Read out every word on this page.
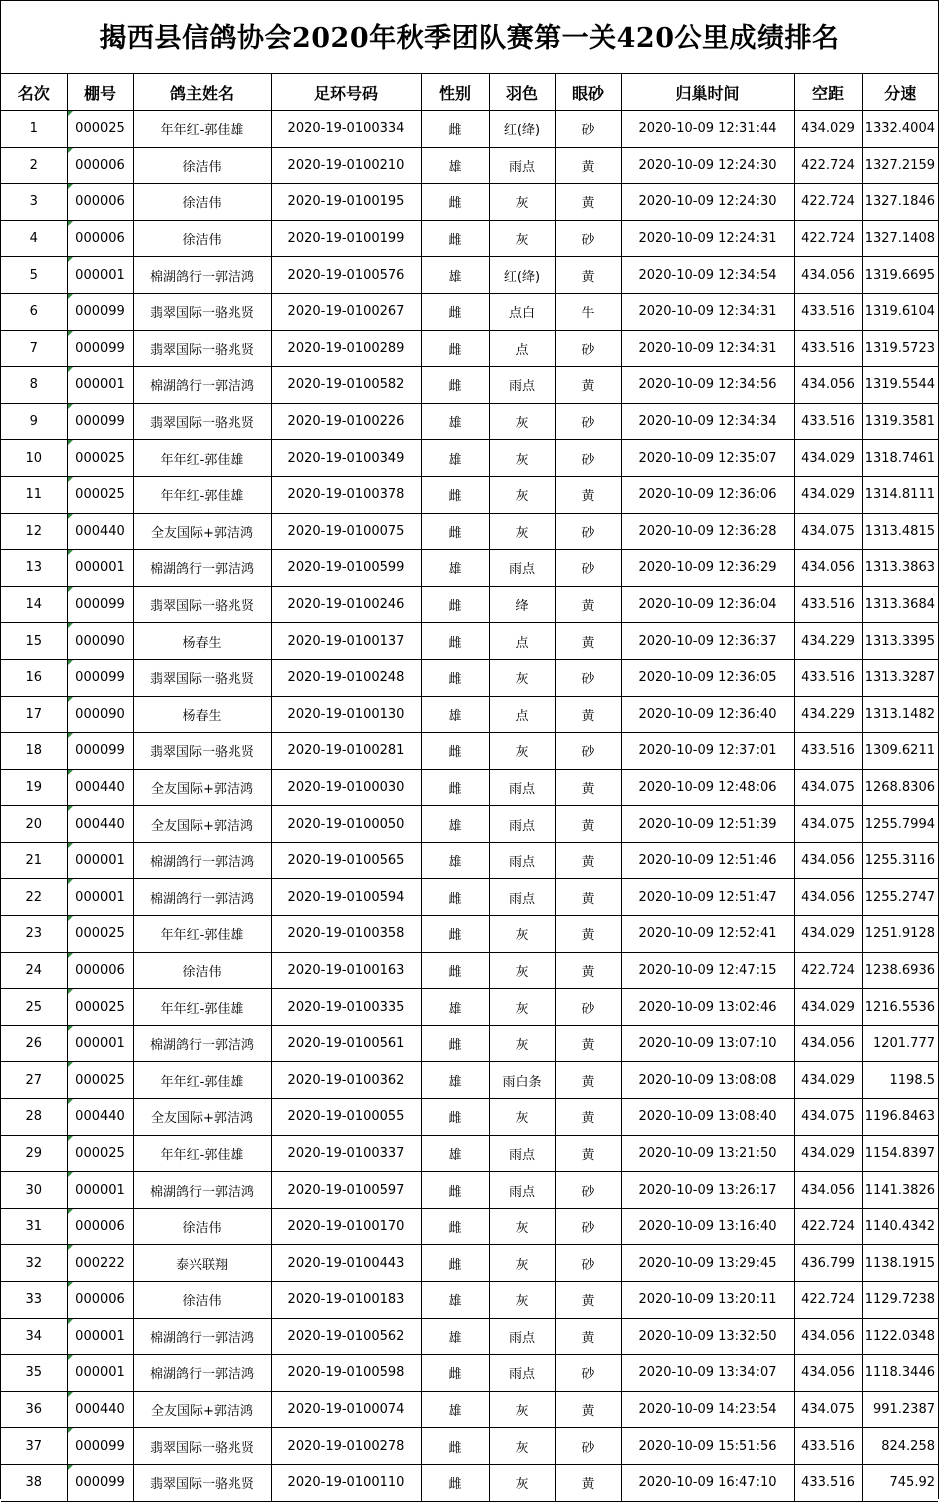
揭西县信鸽协会2020年秋季团队赛第一关420公里成绩排名
名次	棚号	鸽主姓名	足环号码	性别	羽色	眼砂	归巢时间	空距	分速
1	000025	年年红-郭佳雄	2020-19-0100334	雌	红(绛)	砂	2020-10-09 12:31:44	434.029	1332.4004
2	000006	徐洁伟	2020-19-0100210	雄	雨点	黄	2020-10-09 12:24:30	422.724	1327.2159
3	000006	徐洁伟	2020-19-0100195	雌	灰	黄	2020-10-09 12:24:30	422.724	1327.1846
4	000006	徐洁伟	2020-19-0100199	雌	灰	砂	2020-10-09 12:24:31	422.724	1327.1408
5	000001	棉湖鸽行一郭洁鸿	2020-19-0100576	雄	红(绛)	黄	2020-10-09 12:34:54	434.056	1319.6695
6	000099	翡翠国际一骆兆贤	2020-19-0100267	雌	点白	牛	2020-10-09 12:34:31	433.516	1319.6104
7	000099	翡翠国际一骆兆贤	2020-19-0100289	雌	点	砂	2020-10-09 12:34:31	433.516	1319.5723
8	000001	棉湖鸽行一郭洁鸿	2020-19-0100582	雌	雨点	黄	2020-10-09 12:34:56	434.056	1319.5544
9	000099	翡翠国际一骆兆贤	2020-19-0100226	雄	灰	砂	2020-10-09 12:34:34	433.516	1319.3581
10	000025	年年红-郭佳雄	2020-19-0100349	雄	灰	砂	2020-10-09 12:35:07	434.029	1318.7461
11	000025	年年红-郭佳雄	2020-19-0100378	雌	灰	黄	2020-10-09 12:36:06	434.029	1314.8111
12	000440	全友国际+郭洁鸿	2020-19-0100075	雌	灰	砂	2020-10-09 12:36:28	434.075	1313.4815
13	000001	棉湖鸽行一郭洁鸿	2020-19-0100599	雄	雨点	砂	2020-10-09 12:36:29	434.056	1313.3863
14	000099	翡翠国际一骆兆贤	2020-19-0100246	雌	绛	黄	2020-10-09 12:36:04	433.516	1313.3684
15	000090	杨春生	2020-19-0100137	雌	点	黄	2020-10-09 12:36:37	434.229	1313.3395
16	000099	翡翠国际一骆兆贤	2020-19-0100248	雌	灰	砂	2020-10-09 12:36:05	433.516	1313.3287
17	000090	杨春生	2020-19-0100130	雄	点	黄	2020-10-09 12:36:40	434.229	1313.1482
18	000099	翡翠国际一骆兆贤	2020-19-0100281	雌	灰	砂	2020-10-09 12:37:01	433.516	1309.6211
19	000440	全友国际+郭洁鸿	2020-19-0100030	雌	雨点	黄	2020-10-09 12:48:06	434.075	1268.8306
20	000440	全友国际+郭洁鸿	2020-19-0100050	雄	雨点	黄	2020-10-09 12:51:39	434.075	1255.7994
21	000001	棉湖鸽行一郭洁鸿	2020-19-0100565	雄	雨点	黄	2020-10-09 12:51:46	434.056	1255.3116
22	000001	棉湖鸽行一郭洁鸿	2020-19-0100594	雌	雨点	黄	2020-10-09 12:51:47	434.056	1255.2747
23	000025	年年红-郭佳雄	2020-19-0100358	雌	灰	黄	2020-10-09 12:52:41	434.029	1251.9128
24	000006	徐洁伟	2020-19-0100163	雌	灰	黄	2020-10-09 12:47:15	422.724	1238.6936
25	000025	年年红-郭佳雄	2020-19-0100335	雄	灰	砂	2020-10-09 13:02:46	434.029	1216.5536
26	000001	棉湖鸽行一郭洁鸿	2020-19-0100561	雌	灰	黄	2020-10-09 13:07:10	434.056	1201.777
27	000025	年年红-郭佳雄	2020-19-0100362	雄	雨白条	黄	2020-10-09 13:08:08	434.029	1198.5
28	000440	全友国际+郭洁鸿	2020-19-0100055	雌	灰	黄	2020-10-09 13:08:40	434.075	1196.8463
29	000025	年年红-郭佳雄	2020-19-0100337	雄	雨点	黄	2020-10-09 13:21:50	434.029	1154.8397
30	000001	棉湖鸽行一郭洁鸿	2020-19-0100597	雌	雨点	砂	2020-10-09 13:26:17	434.056	1141.3826
31	000006	徐洁伟	2020-19-0100170	雌	灰	砂	2020-10-09 13:16:40	422.724	1140.4342
32	000222	泰兴联翔	2020-19-0100443	雌	灰	砂	2020-10-09 13:29:45	436.799	1138.1915
33	000006	徐洁伟	2020-19-0100183	雄	灰	黄	2020-10-09 13:20:11	422.724	1129.7238
34	000001	棉湖鸽行一郭洁鸿	2020-19-0100562	雄	雨点	黄	2020-10-09 13:32:50	434.056	1122.0348
35	000001	棉湖鸽行一郭洁鸿	2020-19-0100598	雌	雨点	砂	2020-10-09 13:34:07	434.056	1118.3446
36	000440	全友国际+郭洁鸿	2020-19-0100074	雄	灰	黄	2020-10-09 14:23:54	434.075	991.2387
37	000099	翡翠国际一骆兆贤	2020-19-0100278	雌	灰	砂	2020-10-09 15:51:56	433.516	824.258
38	000099	翡翠国际一骆兆贤	2020-19-0100110	雌	灰	黄	2020-10-09 16:47:10	433.516	745.92
